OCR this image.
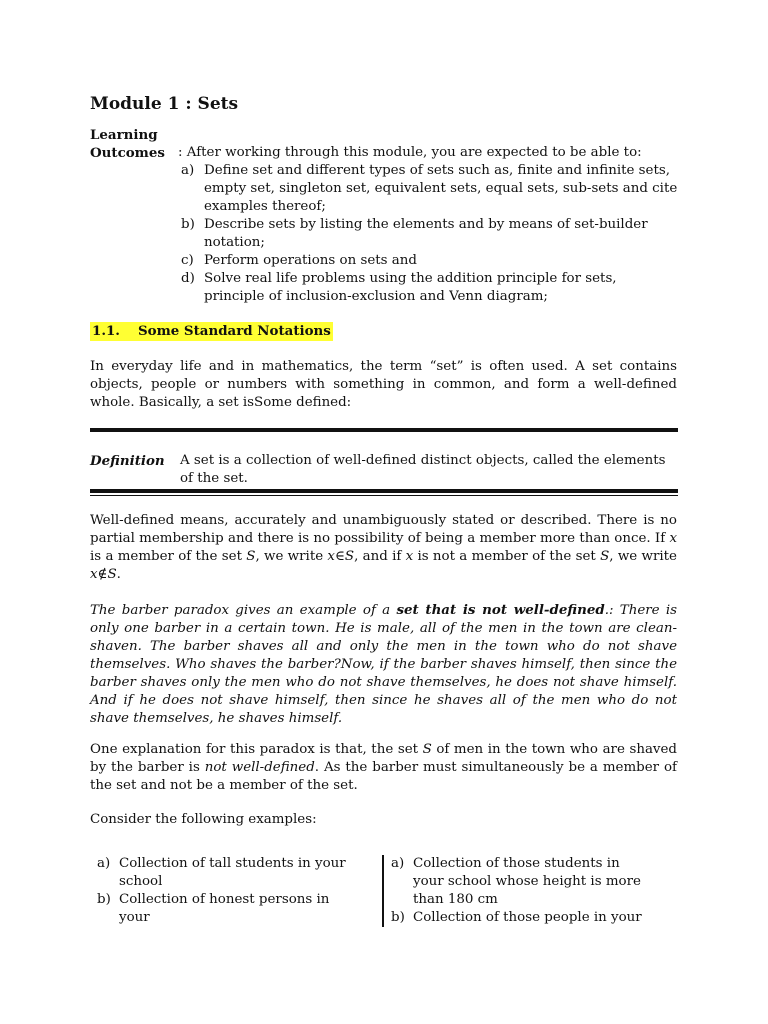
Module 1 : Sets
Learning
Outcomes : After working through this module, you are expected to be able to:
a) Define set and different types of sets such as, finite and infinite sets, empty set, singleton set, equivalent sets, equal sets, sub-sets and cite examples thereof;
b) Describe sets by listing the elements and by means of set-builder notation;
c) Perform operations on sets and
d) Solve real life problems using the addition principle for sets, principle of inclusion-exclusion and Venn diagram;
1.1. Some Standard Notations
In everyday life and in mathematics, the term “set” is often used. A set contains objects, people or numbers with something in common, and form a well-defined whole. Basically, a set isSome defined:
Definition A set is a collection of well-defined distinct objects, called the elements of the set.
Well-defined means, accurately and unambiguously stated or described. There is no partial membership and there is no possibility of being a member more than once. If x is a member of the set S, we write x∈S, and if x is not a member of the set S, we write x∉S.
The barber paradox gives an example of a set that is not well-defined.: There is only one barber in a certain town. He is male, all of the men in the town are clean-shaven. The barber shaves all and only the men in the town who do not shave themselves. Who shaves the barber?Now, if the barber shaves himself, then since the barber shaves only the men who do not shave themselves, he does not shave himself. And if he does not shave himself, then since he shaves all of the men who do not shave themselves, he shaves himself.
One explanation for this paradox is that, the set S of men in the town who are shaved by the barber is not well-defined. As the barber must simultaneously be a member of the set and not be a member of the set.
Consider the following examples:
a) Collection of tall students in your school
b) Collection of honest persons in your
a) Collection of those students in your school whose height is more than 180 cm
b) Collection of those people in your
